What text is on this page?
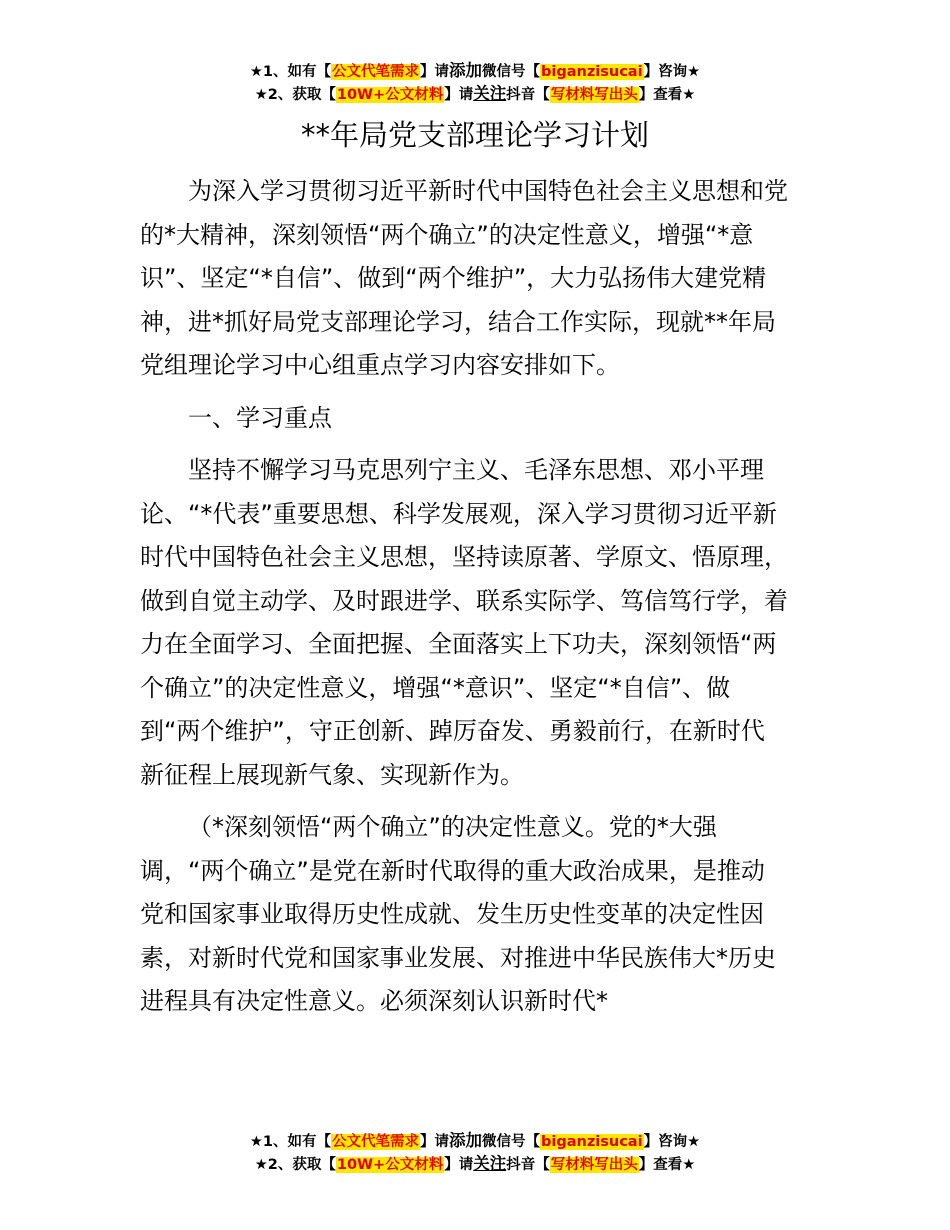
★1、如有【公文代笔需求】请添加微信号【biganzisucai】咨询★
★2、获取【10W+公文材料】请关注抖音【写材料写出头】查看★
**年局党支部理论学习计划

为深入学习贯彻习近平新时代中国特色社会主义思想和党
的*大精神，深刻领悟“两个确立”的决定性意义，增强“*意
识”、坚定“*自信”、做到“两个维护”，大力弘扬伟大建党精
神，进*抓好局党支部理论学习，结合工作实际，现就**年局
党组理论学习中心组重点学习内容安排如下。

一、学习重点

坚持不懈学习马克思列宁主义、毛泽东思想、邓小平理
论、“*代表”重要思想、科学发展观，深入学习贯彻习近平新
时代中国特色社会主义思想，坚持读原著、学原文、悟原理，
做到自觉主动学、及时跟进学、联系实际学、笃信笃行学，着
力在全面学习、全面把握、全面落实上下功夫，深刻领悟“两
个确立”的决定性意义，增强“*意识”、坚定“*自信”、做
到“两个维护”，守正创新、踔厉奋发、勇毅前行，在新时代
新征程上展现新气象、实现新作为。

（*深刻领悟“两个确立”的决定性意义。党的*大强
调，“两个确立”是党在新时代取得的重大政治成果，是推动
党和国家事业取得历史性成就、发生历史性变革的决定性因
素，对新时代党和国家事业发展、对推进中华民族伟大*历史
进程具有决定性意义。必须深刻认识新时代*

★1、如有【公文代笔需求】请添加微信号【biganzisucai】咨询★
★2、获取【10W+公文材料】请关注抖音【写材料写出头】查看★
